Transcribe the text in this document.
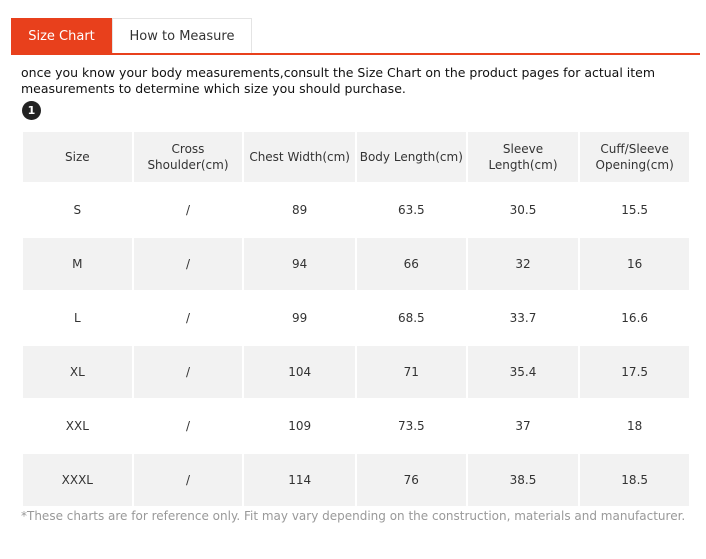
Size Chart	How to Measure
once you know your body measurements,consult the Size Chart on the product pages for actual item measurements to determine which size you should purchase.
1
Size	Cross Shoulder(cm)	Chest Width(cm)	Body Length(cm)	Sleeve Length(cm)	Cuff/Sleeve Opening(cm)
S	/	89	63.5	30.5	15.5
M	/	94	66	32	16
L	/	99	68.5	33.7	16.6
XL	/	104	71	35.4	17.5
XXL	/	109	73.5	37	18
XXXL	/	114	76	38.5	18.5
*These charts are for reference only. Fit may vary depending on the construction, materials and manufacturer.
